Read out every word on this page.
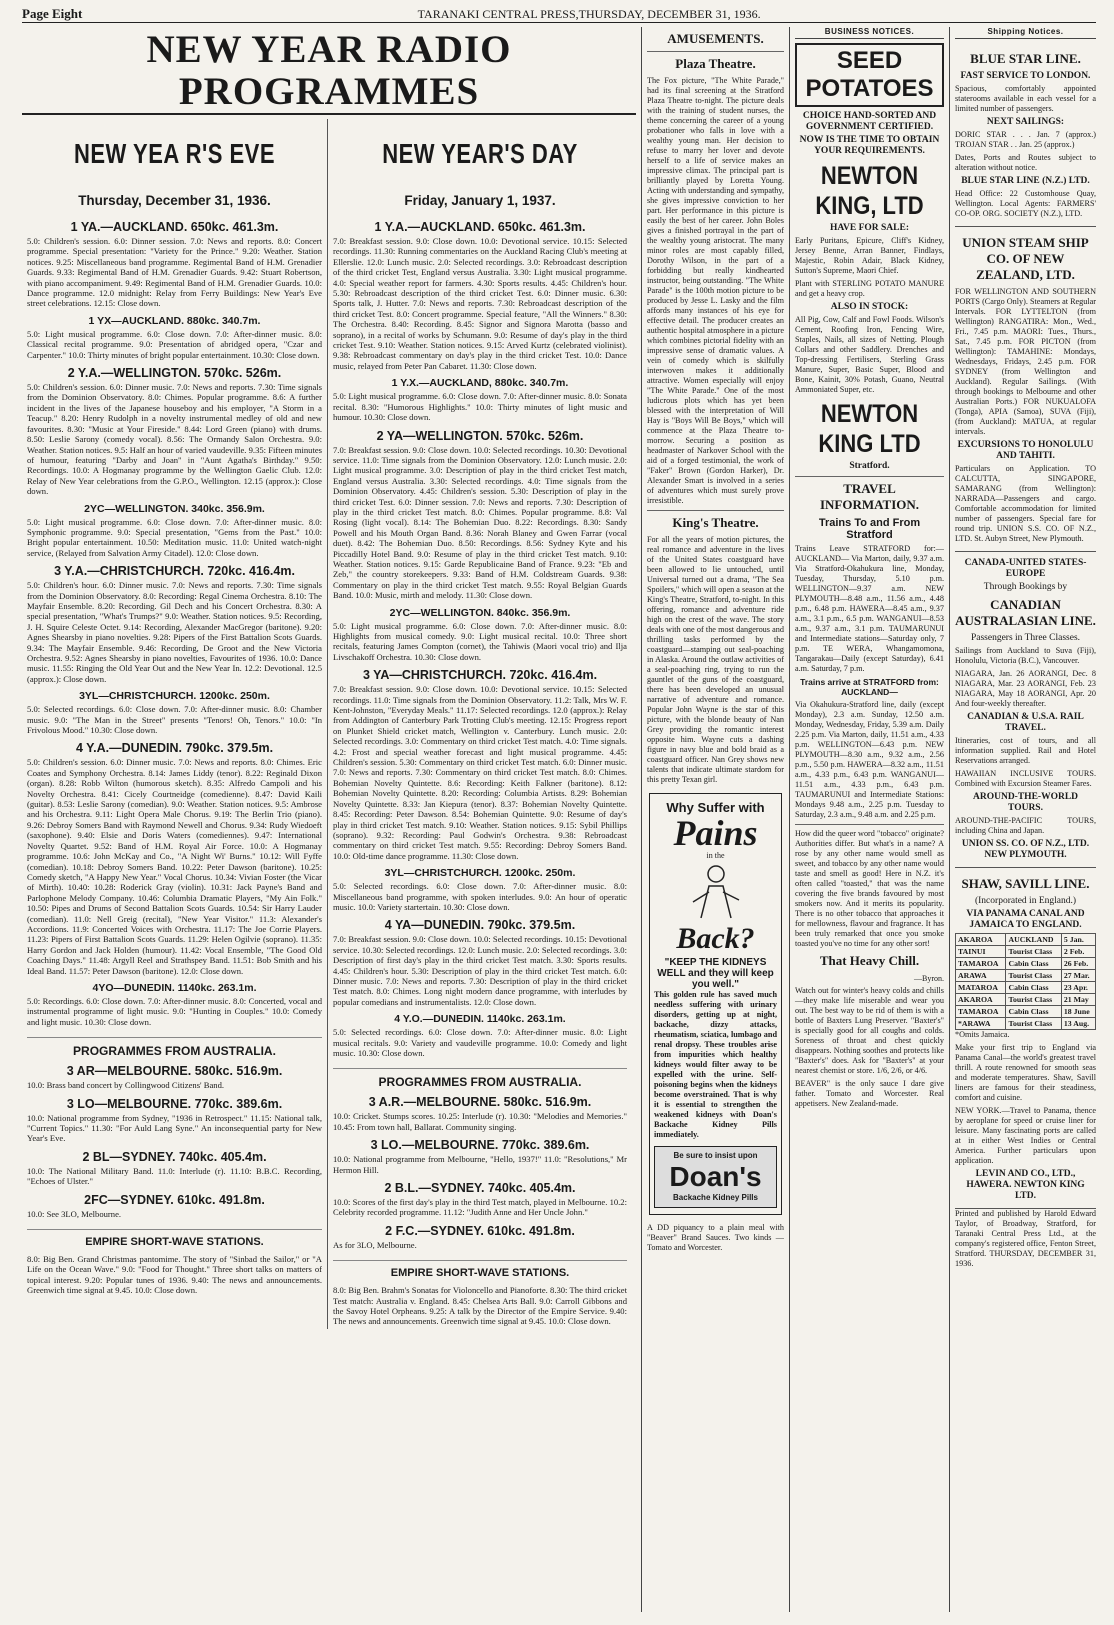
Page Eight	TARANAKI CENTRAL PRESS,THURSDAY, DECEMBER 31, 1936.
NEW YEAR RADIO PROGRAMMES
NEW YEA R'S EVE
Thursday, December 31, 1936.
1 YA.—AUCKLAND. 650kc. 461.3m.

5.0: Children's session. 6.0: Dinner session. 7.0: News and reports. 8.0: Concert programme. Special presentation: "Variety for the Prince." 9.20: Weather. Station notices. 9.25: Miscellaneous band programme. Regimental Band of H.M. Grenadier Guards. 9.33: Regimental Band of H.M. Grenadier Guards. 9.42: Stuart Robertson, with piano accompaniment. 9.49: Regimental Band of H.M. Grenadier Guards. 10.0: Dance programme. 12.0 midnight: Relay from Ferry Buildings: New Year's Eve street celebrations. 12.15: Close down.

1 YX—AUCKLAND. 880kc. 340.7m.

5.0: Light musical programme. 6.0: Close down. 7.0: After-dinner music. 8.0: Classical recital programme. 9.0: Presentation of abridged opera, "Czar and Carpenter." 10.0: Thirty minutes of bright popular entertainment. 10.30: Close down.

2 Y.A.—WELLINGTON. 570kc. 526m.

5.0: Children's session. 6.0: Dinner music. 7.0: News and reports. 7.30: Time signals from the Dominion Observatory. 8.0: Chimes. Popular programme. 8.6: A further incident in the lives of the Japanese houseboy and his employer, "A Storm in a Teacup." 8.20: Henry Rudolph in a novelty instrumental medley of old and new favourites. 8.30: "Music at Your Fireside." 8.44: Lord Green (piano) with drums. 8.50: Leslie Sarony (comedy vocal). 8.56: The Ormandy Salon Orchestra. 9.0: Weather. Station notices. 9.5: Half an hour of varied vaudeville. 9.35: Fifteen minutes of humour, featuring "Darby and Joan" in "Aunt Agatha's Birthday." 9.50: Recordings. 10.0: A Hogmanay programme by the Wellington Gaelic Club. 12.0: Relay of New Year celebrations from the G.P.O., Wellington. 12.15 (approx.): Close down.

2YC—WELLINGTON. 340kc. 356.9m.

5.0: Light musical programme. 6.0: Close down. 7.0: After-dinner music. 8.0: Symphonic programme. 9.0: Special presentation, "Gems from the Past." 10.0: Bright popular entertainment. 10.50: Meditation music. 11.0: United watch-night service, (Relayed from Salvation Army Citadel). 12.0: Close down.

3 Y.A.—CHRISTCHURCH. 720kc. 416.4m.

5.0: Children's hour. 6.0: Dinner music. 7.0: News and reports. 7.30: Time signals from the Dominion Observatory. 8.0: Recording: Regal Cinema Orchestra. 8.10: The Mayfair Ensemble. 8.20: Recording. Gil Dech and his Concert Orchestra. 8.30: A special presentation, "What's Trumps?" 9.0: Weather. Station notices. 9.5: Recording, J. H. Squire Celeste Octet. 9.14: Recording, Alexander MacGregor (baritone). 9.20: Agnes Shearsby in piano novelties. 9.28: Pipers of the First Battalion Scots Guards. 9.34: The Mayfair Ensemble. 9.46: Recording, De Groot and the New Victoria Orchestra. 9.52: Agnes Shearsby in piano novelties, Favourites of 1936. 10.0: Dance music. 11.55: Ringing the Old Year Out and the New Year In. 12.2: Devotional. 12.5 (approx.): Close down.

3YL—CHRISTCHURCH. 1200kc. 250m.

5.0: Selected recordings. 6.0: Close down. 7.0: After-dinner music. 8.0: Chamber music. 9.0: "The Man in the Street" presents "Tenors! Oh, Tenors." 10.0: "In Frivolous Mood." 10.30: Close down.

4 Y.A.—DUNEDIN. 790kc. 379.5m.

5.0: Children's session. 6.0: Dinner music. 7.0: News and reports. 8.0: Chimes. Eric Coates and Symphony Orchestra. 8.14: James Liddy (tenor). 8.22: Reginald Dixon (organ). 8.28: Robb Wilton (humorous sketch). 8.35: Alfredo Campoli and his Novelty Orchestra. 8.41: Cicely Courtneidge (comedienne). 8.47: David Kaili (guitar). 8.53: Leslie Sarony (comedian). 9.0: Weather. Station notices. 9.5: Ambrose and his Orchestra. 9.11: Light Opera Male Chorus. 9.19: The Berlin Trio (piano). 9.26: Debroy Somers Band with Raymond Newell and Chorus. 9.34: Rudy Wiedoeft (saxophone). 9.40: Elsie and Doris Waters (comediennes). 9.47: International Novelty Quartet. 9.52: Band of H.M. Royal Air Force. 10.0: A Hogmanay programme. 10.6: John McKay and Co., "A Night Wi' Burns." 10.12: Will Fyffe (comedian). 10.18: Debroy Somers Band. 10.22: Peter Dawson (baritone). 10.25: Comedy sketch, "A Happy New Year." Vocal Chorus. 10.34: Vivian Foster (the Vicar of Mirth). 10.40: 10.28: Roderick Gray (violin). 10.31: Jack Payne's Band and Parlophone Melody Company. 10.46: Columbia Dramatic Players, "My Ain Folk." 10.50: Pipes and Drums of Second Battalion Scots Guards. 10.54: Sir Harry Lauder (comedian). 11.0: Nell Greig (recital), "New Year Visitor." 11.3: Alexander's Accordions. 11.9: Concerted Voices with Orchestra. 11.17: The Joe Corrie Players. 11.23: Pipers of First Battalion Scots Guards. 11.29: Helen Ogilvie (soprano). 11.35: Harry Gordon and Jack Holden (humour). 11.42: Vocal Ensemble, "The Good Old Coaching Days." 11.48: Argyll Reel and Strathspey Band. 11.51: Bob Smith and his Ideal Band. 11.57: Peter Dawson (baritone). 12.0: Close down.

4YO—DUNEDIN. 1140kc. 263.1m.

5.0: Recordings. 6.0: Close down. 7.0: After-dinner music. 8.0: Concerted, vocal and instrumental programme of light music. 9.0: "Hunting in Couples." 10.0: Comedy and light music. 10.30: Close down.

PROGRAMMES FROM AUSTRALIA.
3 AR—MELBOURNE. 580kc. 516.9m.

10.0: Brass band concert by Collingwood Citizens' Band.

3 LO—MELBOURNE. 770kc. 389.6m.

10.0: National programme from Sydney, "1936 in Retrospect." 11.15: National talk, "Current Topics." 11.30: "For Auld Lang Syne." An inconsequential party for New Year's Eve.

2 BL—SYDNEY. 740kc. 405.4m.

10.0: The National Military Band. 11.0: Interlude (r). 11.10: B.B.C. Recording, "Echoes of Ulster."

2FC—SYDNEY. 610kc. 491.8m.

10.0: See 3LO, Melbourne.

EMPIRE SHORT-WAVE STATIONS.

8.0: Big Ben. Grand Christmas pantomime. The story of "Sinbad the Sailor," or "A Life on the Ocean Wave." 9.0: "Food for Thought." Three short talks on matters of topical interest. 9.20: Popular tunes of 1936. 9.40: The news and announcements. Greenwich time signal at 9.45. 10.0: Close down.

NEW YEAR'S DAY
Friday, January 1, 1937.
1 Y.A.—AUCKLAND. 650kc. 461.3m.

7.0: Breakfast session. 9.0: Close down. 10.0: Devotional service. 10.15: Selected recordings. 11.30: Running commentaries on the Auckland Racing Club's meeting at Ellerslie. 12.0: Lunch music. 2.0: Selected recordings. 3.0: Rebroadcast description of the third cricket Test, England versus Australia. 3.30: Light musical programme. 4.0: Special weather report for farmers. 4.30: Sports results. 4.45: Children's hour. 5.30: Rebroadcast description of the third cricket Test. 6.0: Dinner music. 6.30: Sports talk, J. Hutter. 7.0: News and reports. 7.30: Rebroadcast description of the third cricket Test. 8.0: Concert programme. Special feature, "All the Winners." 8.30: The Orchestra. 8.40: Recording. 8.45: Signor and Signora Marotta (basso and soprano), in a recital of works by Schumann. 9.0: Resume of day's play in the third cricket Test. 9.10: Weather. Station notices. 9.15: Arved Kurtz (celebrated violinist). 9.38: Rebroadcast commentary on day's play in the third cricket Test. 10.0: Dance music, relayed from Peter Pan Cabaret. 11.30: Close down.

1 Y.X.—AUCKLAND, 880kc. 340.7m.

5.0: Light musical programme. 6.0: Close down. 7.0: After-dinner music. 8.0: Sonata recital. 8.30: "Humorous Highlights." 10.0: Thirty minutes of light music and humour. 10.30: Close down.

2 YA—WELLINGTON. 570kc. 526m.

7.0: Breakfast session. 9.0: Close down. 10.0: Selected recordings. 10.30: Devotional service. 11.0: Time signals from the Dominion Observatory. 12.0: Lunch music. 2.0: Light musical programme. 3.0: Description of play in the third cricket Test match, England versus Australia. 3.30: Selected recordings. 4.0: Time signals from the Dominion Observatory. 4.45: Children's session. 5.30: Description of play in the third cricket Test. 6.0: Dinner session. 7.0: News and reports. 7.30: Description of play in the third cricket Test match. 8.0: Chimes. Popular programme. 8.8: Val Rosing (light vocal). 8.14: The Bohemian Duo. 8.22: Recordings. 8.30: Sandy Powell and his Mouth Organ Band. 8.36: Norah Blaney and Gwen Farrar (vocal duet). 8.42: The Bohemian Duo. 8.50: Recordings. 8.56: Sydney Kyte and his Piccadilly Hotel Band. 9.0: Resume of play in the third cricket Test match. 9.10: Weather. Station notices. 9.15: Garde Republicaine Band of France. 9.23: "Eb and Zeb," the country storekeepers. 9.33: Band of H.M. Coldstream Guards. 9.38: Commentary on play in the third cricket Test match. 9.55: Royal Belgian Guards Band. 10.0: Music, mirth and melody. 11.30: Close down.

2YC—WELLINGTON. 840kc. 356.9m.

5.0: Light musical programme. 6.0: Close down. 7.0: After-dinner music. 8.0: Highlights from musical comedy. 9.0: Light musical recital. 10.0: Three short recitals, featuring James Compton (cornet), the Tahiwis (Maori vocal trio) and Ilja Livschakoff Orchestra. 10.30: Close down.

3 YA—CHRISTCHURCH. 720kc. 416.4m.

7.0: Breakfast session. 9.0: Close down. 10.0: Devotional service. 10.15: Selected recordings. 11.0: Time signals from the Dominion Observatory. 11.2: Talk, Mrs W. F. Kent-Johnston, "Everyday Meals." 11.17: Selected recordings. 12.0 (approx.): Relay from Addington of Canterbury Park Trotting Club's meeting. 12.15: Progress report on Plunket Shield cricket match, Wellington v. Canterbury. Lunch music. 2.0: Selected recordings. 3.0: Commentary on third cricket Test match. 4.0: Time signals. 4.2: Frost and special weather forecast and light musical programme. 4.45: Children's session. 5.30: Commentary on third cricket Test match. 6.0: Dinner music. 7.0: News and reports. 7.30: Commentary on third cricket Test match. 8.0: Chimes. Bohemian Novelty Quintette. 8.6: Recording: Keith Falkner (baritone). 8.12: Bohemian Novelty Quintette. 8.20: Recording: Columbia Artists. 8.29: Bohemian Novelty Quintette. 8.33: Jan Kiepura (tenor). 8.37: Bohemian Novelty Quintette. 8.45: Recording: Peter Dawson. 8.54: Bohemian Quintette. 9.0: Resume of day's play in third cricket Test match. 9.10: Weather. Station notices. 9.15: Sybil Phillips (soprano). 9.32: Recording: Paul Godwin's Orchestra. 9.38: Rebroadcast commentary on third cricket Test match. 9.55: Recording: Debroy Somers Band. 10.0: Old-time dance programme. 11.30: Close down.

3YL—CHRISTCHURCH. 1200kc. 250m.

5.0: Selected recordings. 6.0: Close down. 7.0: After-dinner music. 8.0: Miscellaneous band programme, with spoken interludes. 9.0: An hour of operatic music. 10.0: Variety startertain. 10.30: Close down.

4 YA—DUNEDIN. 790kc. 379.5m.

7.0: Breakfast session. 9.0: Close down. 10.0: Selected recordings. 10.15: Devotional service. 10.30: Selected recordings. 12.0: Lunch music. 2.0: Selected recordings. 3.0: Description of first day's play in the third cricket Test match. 3.30: Sports results. 4.45: Children's hour. 5.30: Description of play in the third cricket Test match. 6.0: Dinner music. 7.0: News and reports. 7.30: Description of play in the third cricket Test match. 8.0: Chimes. Long night modern dance programme, with interludes by popular comedians and instrumentalists. 12.0: Close down.

4 Y.O.—DUNEDIN. 1140kc. 263.1m.

5.0: Selected recordings. 6.0: Close down. 7.0: After-dinner music. 8.0: Light musical recitals. 9.0: Variety and vaudeville programme. 10.0: Comedy and light music. 10.30: Close down.

PROGRAMMES FROM AUSTRALIA.
3 A.R.—MELBOURNE. 580kc. 516.9m.

10.0: Cricket. Stumps scores. 10.25: Interlude (r). 10.30: "Melodies and Memories." 10.45: From town hall, Ballarat. Community singing.

3 LO.—MELBOURNE. 770kc. 389.6m.

10.0: National programme from Melbourne, "Hello, 1937!" 11.0: "Resolutions," Mr Hermon Hill.

2 B.L.—SYDNEY. 740kc. 405.4m.

10.0: Scores of the first day's play in the third Test match, played in Melbourne. 10.2: Celebrity recorded programme. 11.12: "Judith Anne and Her Uncle John."

2 F.C.—SYDNEY. 610kc. 491.8m.

As for 3LO, Melbourne.

EMPIRE SHORT-WAVE STATIONS.

8.0: Big Ben. Brahm's Sonatas for Violoncello and Pianoforte. 8.30: The third cricket Test match: Australia v. England. 8.45: Chelsea Arts Ball. 9.0: Carroll Gibbons and the Savoy Hotel Orpheans. 9.25: A talk by the Director of the Empire Service. 9.40: The news and announcements. Greenwich time signal at 9.45. 10.0: Close down.

AMUSEMENTS.
Plaza Theatre.

The Fox picture, "The White Parade," had its final screening at the Stratford Plaza Theatre to-night. The picture deals with the training of student nurses, the theme concerning the career of a young probationer who falls in love with a wealthy young man. Her decision to refuse to marry her lover and devote herself to a life of service makes an impressive climax. The principal part is brilliantly played by Loretta Young. Acting with understanding and sympathy, she gives impressive conviction to her part. Her performance in this picture is easily the best of her career. John Boles gives a finished portrayal in the part of the wealthy young aristocrat. The many minor roles are most capably filled, Dorothy Wilson, in the part of a forbidding but really kindhearted instructor, being outstanding. "The White Parade" is the 100th motion picture to be produced by Jesse L. Lasky and the film affords many instances of his eye for effective detail. The producer creates an authentic hospital atmosphere in a picture which combines pictorial fidelity with an impressive sense of dramatic values. A vein of comedy which is skilfully interwoven makes it additionally attractive. Women especially will enjoy "The White Parade." One of the most ludicrous plots which has yet been blessed with the interpretation of Will Hay is "Boys Will Be Boys," which will commence at the Plaza Theatre to-morrow. Securing a position as headmaster of Narkover School with the aid of a forged testimonial, the work of "Faker" Brown (Gordon Harker), Dr. Alexander Smart is involved in a series of adventures which must surely prove irresistible.

King's Theatre.

For all the years of motion pictures, the real romance and adventure in the lives of the United States coastguard have been allowed to lie untouched, until Universal turned out a drama, "The Sea Spoilers," which will open a season at the King's Theatre, Stratford, to-night. In this offering, romance and adventure ride high on the crest of the wave. The story deals with one of the most dangerous and thrilling tasks performed by the coastguard—stamping out seal-poaching in Alaska. Around the outlaw activities of a seal-poaching ring, trying to run the gauntlet of the guns of the coastguard, there has been developed an unusual narrative of adventure and romance. Popular John Wayne is the star of this picture, with the blonde beauty of Nan Grey providing the romantic interest opposite him. Wayne cuts a dashing figure in navy blue and bold braid as a coastguard officer. Nan Grey shows new talents that indicate ultimate stardom for this pretty Texan girl.

Why Suffer with
Pains
in the
Back?
"KEEP THE KIDNEYS WELL and they will keep you well."

This golden rule has saved much needless suffering with urinary disorders, getting up at night, backache, dizzy attacks, rheumatism, sciatica, lumbago and renal dropsy. These troubles arise from impurities which healthy kidneys would filter away to be expelled with the urine. Self-poisoning begins when the kidneys become overstrained. That is why it is essential to strengthen the weakened kidneys with Doan's Backache Kidney Pills immediately.

Be sure to insist upon
Doan's
Backache Kidney Pills

A DD piquancy to a plain meal with "Beaver" Brand Sauces. Two kinds —Tomato and Worcester.

BUSINESS NOTICES.
SEED POTATOES
CHOICE HAND-SORTED AND GOVERNMENT CERTIFIED.
NOW IS THE TIME TO OBTAIN YOUR REQUIREMENTS.
NEWTON KING, LTD
HAVE FOR SALE:

Early Puritans, Epicure, Cliff's Kidney, Jersey Benne, Arran Banner, Findlays, Majestic, Robin Adair, Black Kidney, Sutton's Supreme, Maori Chief.

Plant with STERLING POTATO MANURE and get a heavy crop.

ALSO IN STOCK:

All Pig, Cow, Calf and Fowl Foods. Wilson's Cement, Roofing Iron, Fencing Wire, Staples, Nails, all sizes of Netting. Plough Collars and other Saddlery. Drenches and Top-dressing Fertilisers, Sterling Grass Manure, Super, Basic Super, Blood and Bone, Kainit, 30% Potash, Guano, Neutral Ammoniated Super, etc.

NEWTON KING LTD
Stratford.
TRAVEL INFORMATION.
Trains To and From Stratford

Trains Leave STRATFORD for:— AUCKLAND— Via Marton, daily, 9.37 a.m. Via Stratford-Okahukura line, Monday, Tuesday, Thursday, 5.10 p.m. WELLINGTON—9.37 a.m. NEW PLYMOUTH—8.48 a.m., 11.56 a.m., 4.48 p.m., 6.48 p.m. HAWERA—8.45 a.m., 9.37 a.m., 3.1 p.m., 6.5 p.m. WANGANUI—8.53 a.m., 9.37 a.m., 3.1 p.m. TAUMARUNUI and Intermediate stations—Saturday only, 7 p.m. TE WERA, Whangamomona, Tangarakau—Daily (except Saturday), 6.41 a.m. Saturday, 7 p.m.

Trains arrive at STRATFORD from: AUCKLAND—

Via Okahukura-Stratford line, daily (except Monday), 2.3 a.m. Sunday, 12.50 a.m. Monday, Wednesday, Friday, 5.39 a.m. Daily 2.25 p.m. Via Marton, daily, 11.51 a.m., 4.33 p.m. WELLINGTON—6.43 p.m. NEW PLYMOUTH—8.30 a.m., 9.32 a.m., 2.56 p.m., 5.50 p.m. HAWERA—8.32 a.m., 11.51 a.m., 4.33 p.m., 6.43 p.m. WANGANUI—11.51 a.m., 4.33 p.m., 6.43 p.m. TAUMARUNUI and Intermediate Stations: Mondays 9.48 a.m., 2.25 p.m. Tuesday to Saturday, 2.3 a.m., 9.48 a.m. and 2.25 p.m.

How did the queer word "tobacco" originate? Authorities differ. But what's in a name? A rose by any other name would smell as sweet, and tobacco by any other name would taste and smell as good! Here in N.Z. it's often called "toasted," that was the name covering the five brands favoured by most smokers now. And it merits its popularity. There is no other tobacco that approaches it for mellowness, flavour and fragrance. It has been truly remarked that once you smoke toasted you've no time for any other sort!

That Heavy Chill.
—Byron.

Watch out for winter's heavy colds and chills—they make life miserable and wear you out. The best way to be rid of them is with a bottle of Baxters Lung Preserver. "Baxter's" is specially good for all coughs and colds. Soreness of throat and chest quickly disappears. Nothing soothes and protects like "Baxter's" does. Ask for "Baxter's" at your nearest chemist or store. 1/6, 2/6, or 4/6.

BEAVER" is the only sauce I dare give father. Tomato and Worcester. Real appetisers. New Zealand-made.

Shipping Notices.
BLUE STAR LINE.
FAST SERVICE TO LONDON.

Spacious, comfortably appointed staterooms available in each vessel for a limited number of passengers.

NEXT SAILINGS:

DORIC STAR . . . Jan. 7 (approx.) TROJAN STAR . . Jan. 25 (approx.)

Dates, Ports and Routes subject to alteration without notice.

BLUE STAR LINE (N.Z.) LTD.

Head Office: 22 Customhouse Quay, Wellington. Local Agents: FARMERS' CO-OP. ORG. SOCIETY (N.Z.), LTD.

UNION STEAM SHIP CO. OF NEW ZEALAND, LTD.

FOR WELLINGTON AND SOUTHERN PORTS (Cargo Only). Steamers at Regular Intervals. FOR LYTTELTON (from Wellington) RANGATIRA: Mon., Wed., Fri., 7.45 p.m. MAORI: Tues., Thurs., Sat., 7.45 p.m. FOR PICTON (from Wellington): TAMAHINE: Mondays, Wednesdays, Fridays, 2.45 p.m. FOR SYDNEY (from Wellington and Auckland). Regular Sailings. (With through bookings to Melbourne and other Australian Ports.) FOR NUKUALOFA (Tonga), APIA (Samoa), SUVA (Fiji), (from Auckland): MATUA, at regular intervals.

EXCURSIONS TO HONOLULU AND TAHITI.

Particulars on Application. TO CALCUTTA, SINGAPORE, SAMARANG (from Wellington): NARRADA—Passengers and cargo. Comfortable accommodation for limited number of passengers. Special fare for round trip. UNION S.S. CO. OF N.Z., LTD. St. Aubyn Street, New Plymouth.

CANADA-UNITED STATES-EUROPE
Through Bookings by
CANADIAN AUSTRALASIAN LINE.
Passengers in Three Classes.

Sailings from Auckland to Suva (Fiji), Honolulu, Victoria (B.C.), Vancouver.

NIAGARA, Jan. 26 AORANGI, Dec. 8 NIAGARA, Mar. 23 AORANGI, Feb. 23 NIAGARA, May 18 AORANGI, Apr. 20 And four-weekly thereafter.

CANADIAN & U.S.A. RAIL TRAVEL.

Itineraries, cost of tours, and all information supplied. Rail and Hotel Reservations arranged.

HAWAIIAN INCLUSIVE TOURS. Combined with Excursion Steamer Fares.

AROUND-THE-WORLD TOURS.

AROUND-THE-PACIFIC TOURS, including China and Japan.

UNION SS. CO. OF N.Z., LTD. NEW PLYMOUTH.
SHAW, SAVILL LINE.
(Incorporated in England.)
VIA PANAMA CANAL AND JAMAICA TO ENGLAND.
AKAROA	AUCKLAND	5 Jan.
TAINUI	Tourist Class	2 Feb.
TAMAROA	Cabin Class	26 Feb.
ARAWA	Tourist Class	27 Mar.
MATAROA	Cabin Class	23 Apr.
AKAROA	Tourist Class	21 May
TAMAROA	Cabin Class	18 June
*ARAWA	Tourist Class	13 Aug.

*Omits Jamaica.

Make your first trip to England via Panama Canal—the world's greatest travel thrill. A route renowned for smooth seas and moderate temperatures. Shaw, Savill liners are famous for their steadiness, comfort and cuisine.

NEW YORK.—Travel to Panama, thence by aeroplane for speed or cruise liner for leisure. Many fascinating ports are called at in either West Indies or Central America. Further particulars upon application.

LEVIN AND CO., LTD., HAWERA. NEWTON KING LTD.

Printed and published by Harold Edward Taylor, of Broadway, Stratford, for Taranaki Central Press Ltd., at the company's registered office, Fenton Street, Stratford. THURSDAY, DECEMBER 31, 1936.
